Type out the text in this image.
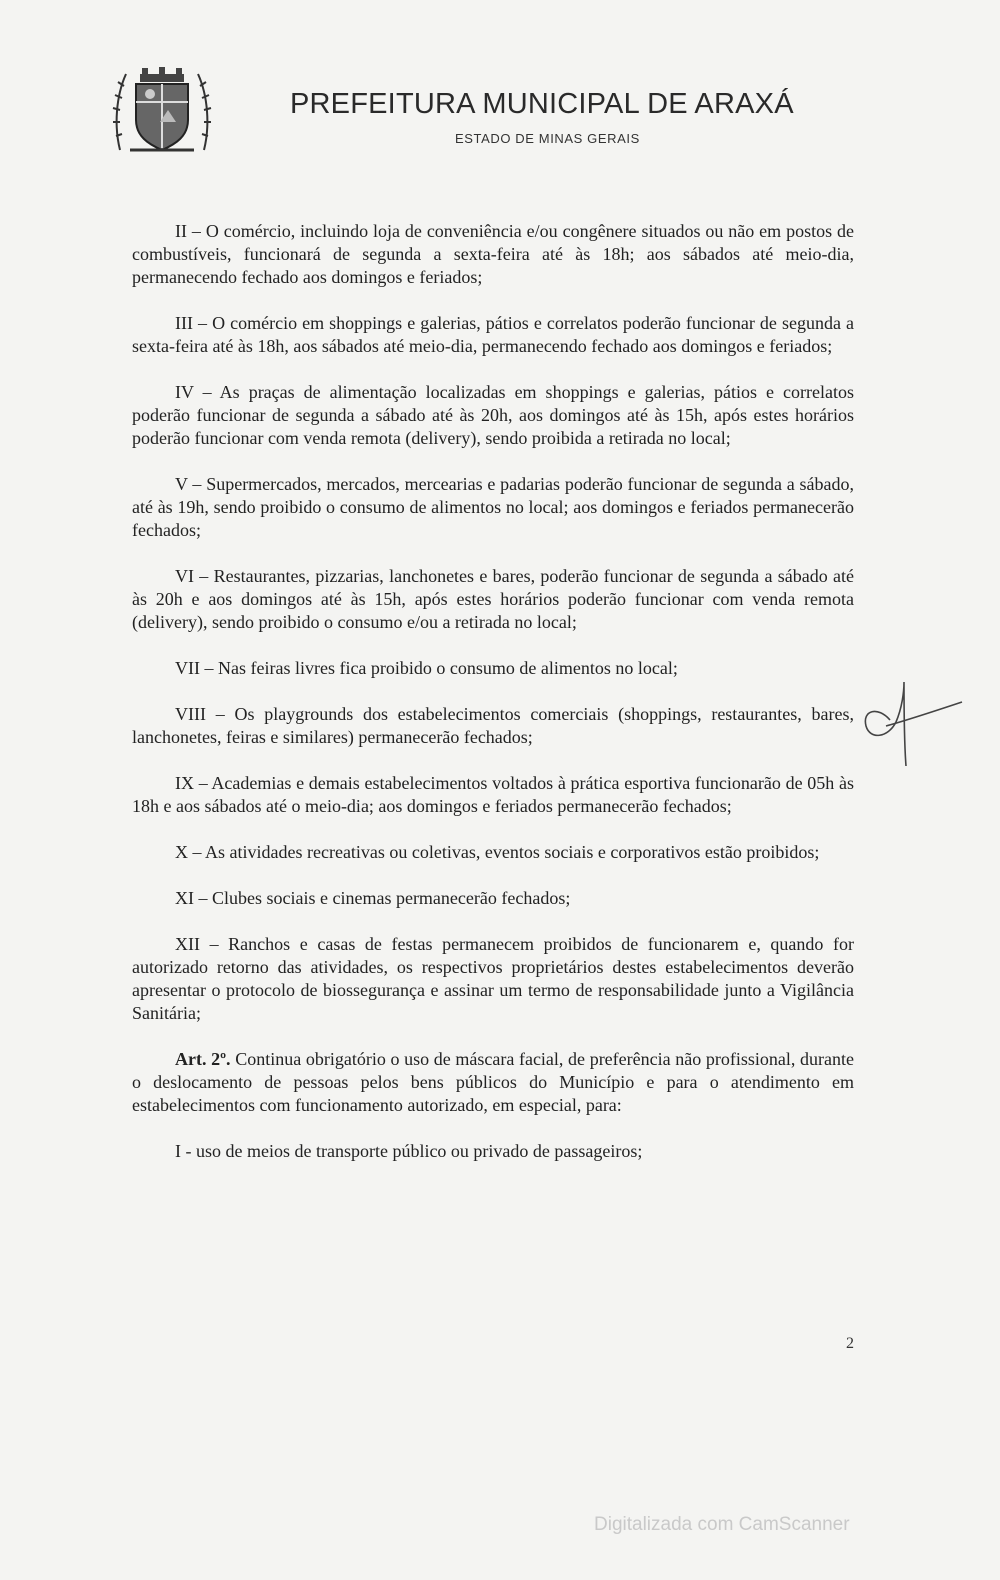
PREFEITURA MUNICIPAL DE ARAXÁ
ESTADO DE MINAS GERAIS

II – O comércio, incluindo loja de conveniência e/ou congênere situados ou não em postos de combustíveis, funcionará de segunda a sexta-feira até às 18h; aos sábados até meio-dia, permanecendo fechado aos domingos e feriados;

III – O comércio em shoppings e galerias, pátios e correlatos poderão funcionar de segunda a sexta-feira até às 18h, aos sábados até meio-dia, permanecendo fechado aos domingos e feriados;

IV – As praças de alimentação localizadas em shoppings e galerias, pátios e correlatos poderão funcionar de segunda a sábado até às 20h, aos domingos até às 15h, após estes horários poderão funcionar com venda remota (delivery), sendo proibida a retirada no local;

V – Supermercados, mercados, mercearias e padarias poderão funcionar de segunda a sábado, até às 19h, sendo proibido o consumo de alimentos no local; aos domingos e feriados permanecerão fechados;

VI – Restaurantes, pizzarias, lanchonetes e bares, poderão funcionar de segunda a sábado até às 20h e aos domingos até às 15h, após estes horários poderão funcionar com venda remota (delivery), sendo proibido o consumo e/ou a retirada no local;

VII – Nas feiras livres fica proibido o consumo de alimentos no local;

VIII – Os playgrounds dos estabelecimentos comerciais (shoppings, restaurantes, bares, lanchonetes, feiras e similares) permanecerão fechados;

IX – Academias e demais estabelecimentos voltados à prática esportiva funcionarão de 05h às 18h e aos sábados até o meio-dia; aos domingos e feriados permanecerão fechados;

X – As atividades recreativas ou coletivas, eventos sociais e corporativos estão proibidos;

XI – Clubes sociais e cinemas permanecerão fechados;

XII – Ranchos e casas de festas permanecem proibidos de funcionarem e, quando for autorizado retorno das atividades, os respectivos proprietários destes estabelecimentos deverão apresentar o protocolo de biossegurança e assinar um termo de responsabilidade junto a Vigilância Sanitária;

Art. 2º. Continua obrigatório o uso de máscara facial, de preferência não profissional, durante o deslocamento de pessoas pelos bens públicos do Município e para o atendimento em estabelecimentos com funcionamento autorizado, em especial, para:

I - uso de meios de transporte público ou privado de passageiros;

2
Digitalizada com CamScanner
